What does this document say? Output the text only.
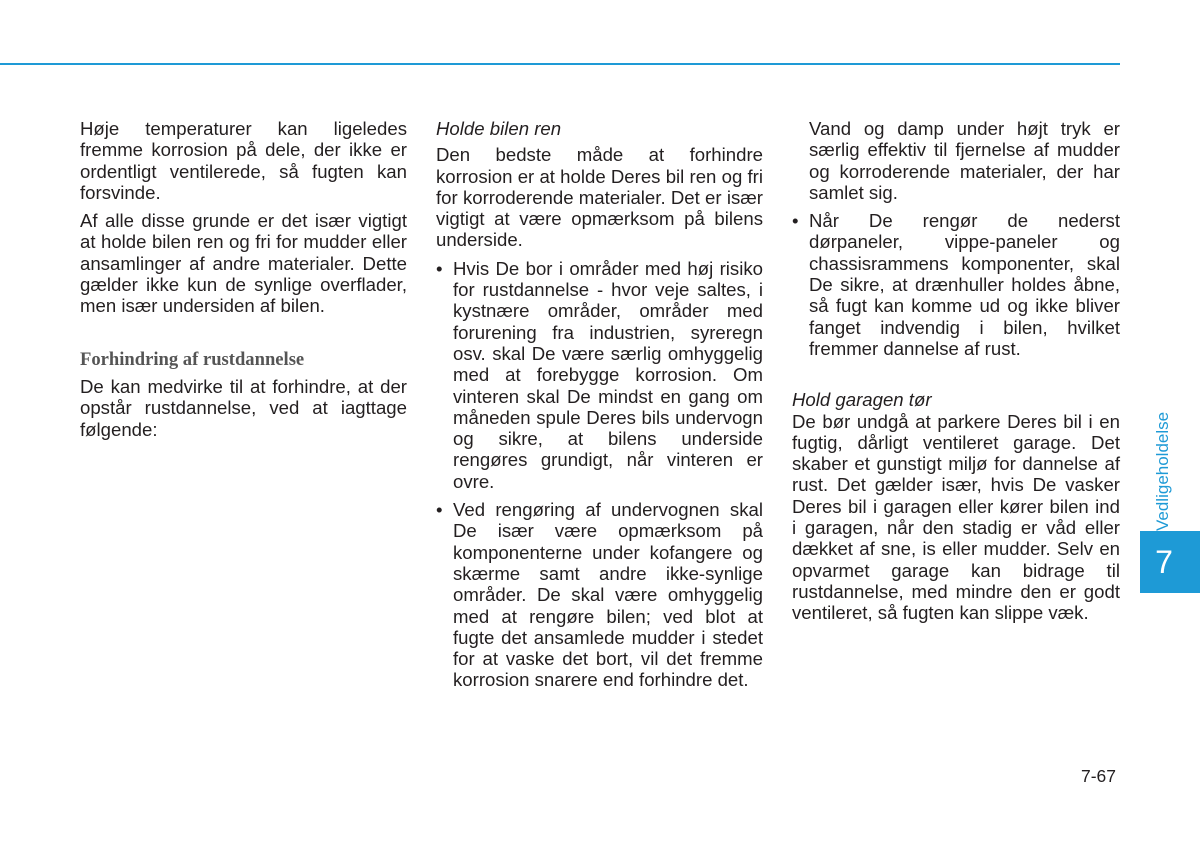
Høje temperaturer kan ligeledes fremme korrosion på dele, der ikke er ordentligt ventilerede, så fugten kan forsvinde.

Af alle disse grunde er det især vigtigt at holde bilen ren og fri for mudder eller ansamlinger af andre materialer. Dette gælder ikke kun de synlige overflader, men især undersiden af bilen.

Forhindring af rustdannelse

De kan medvirke til at forhindre, at der opstår rustdannelse, ved at iagttage følgende:

Holde bilen ren

Den bedste måde at forhindre korrosion er at holde Deres bil ren og fri for korroderende materialer. Det er især vigtigt at være opmærksom på bilens underside.

• Hvis De bor i områder med høj risiko for rustdannelse - hvor veje saltes, i kystnære områder, områder med forurening fra industrien, syreregn osv. skal De være særlig omhyggelig med at forebygge korrosion. Om vinteren skal De mindst en gang om måneden spule Deres bils undervogn og sikre, at bilens underside rengøres grundigt, når vinteren er ovre.
• Ved rengøring af undervognen skal De især være opmærksom på komponenterne under kofangere og skærme samt andre ikke-synlige områder. De skal være omhyggelig med at rengøre bilen; ved blot at fugte det ansamlede mudder i stedet for at vaske det bort, vil det fremme korrosion snarere end forhindre det.

Vand og damp under højt tryk er særlig effektiv til fjernelse af mudder og korroderende materialer, der har samlet sig.

• Når De rengør de nederst dørpaneler, vippe-paneler og chassisrammens komponenter, skal De sikre, at drænhuller holdes åbne, så fugt kan komme ud og ikke bliver fanget indvendig i bilen, hvilket fremmer dannelse af rust.

Hold garagen tør

De bør undgå at parkere Deres bil i en fugtig, dårligt ventileret garage. Det skaber et gunstigt miljø for dannelse af rust. Det gælder især, hvis De vasker Deres bil i garagen eller kører bilen ind i garagen, når den stadig er våd eller dækket af sne, is eller mudder. Selv en opvarmet garage kan bidrage til rustdannelse, med mindre den er godt ventileret, så fugten kan slippe væk.

7
Vedligeholdelse
7-67
